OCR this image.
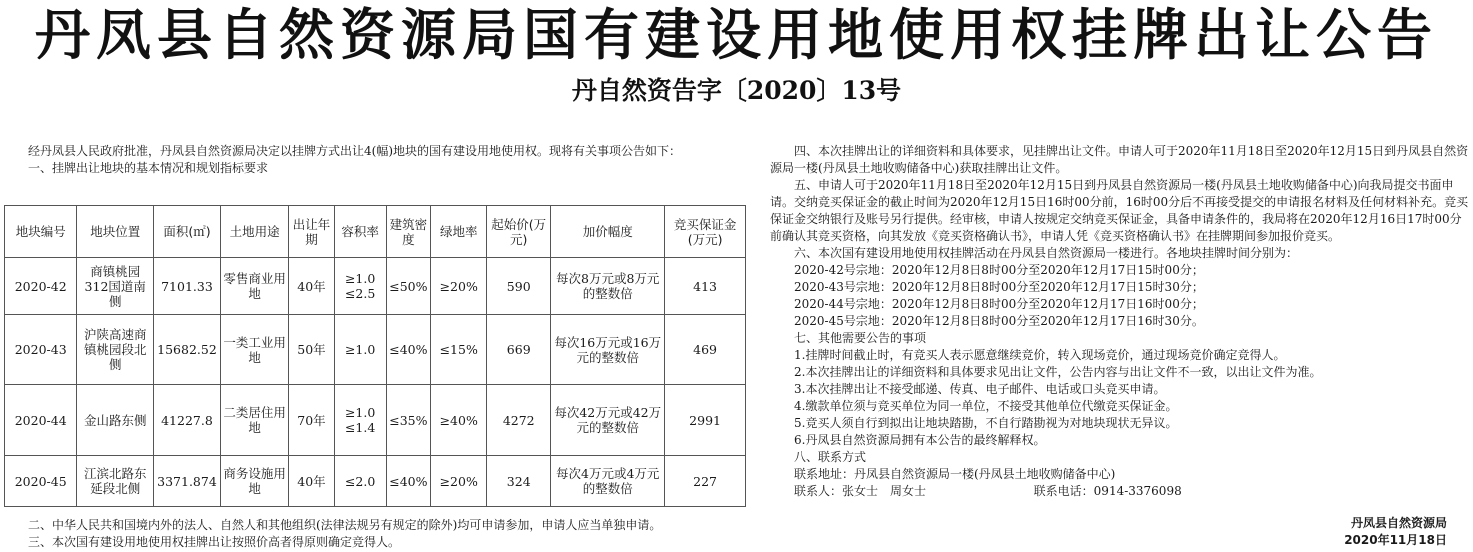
丹凤县自然资源局国有建设用地使用权挂牌出让公告
丹自然资告字〔2020〕13号
经丹凤县人民政府批准，丹凤县自然资源局决定以挂牌方式出让4(幅)地块的国有建设用地使用权。现将有关事项公告如下：
一、挂牌出让地块的基本情况和规划指标要求
地块编号	地块位置	面积(㎡)	土地用途	出让年期	容积率	建筑密度	绿地率	起始价(万元)	加价幅度	竞买保证金(万元)
2020-42	商镇桃园312国道南侧	7101.33	零售商业用地	40年	≥1.0 ≤2.5	≤50%	≥20%	590	每次8万元或8万元的整数倍	413
2020-43	沪陕高速商镇桃园段北侧	15682.52	一类工业用地	50年	≥1.0	≤40%	≤15%	669	每次16万元或16万元的整数倍	469
2020-44	金山路东侧	41227.8	二类居住用地	70年	≥1.0 ≤1.4	≤35%	≥40%	4272	每次42万元或42万元的整数倍	2991
2020-45	江滨北路东延段北侧	3371.874	商务设施用地	40年	≤2.0	≤40%	≥20%	324	每次4万元或4万元的整数倍	227
二、中华人民共和国境内外的法人、自然人和其他组织(法律法规另有规定的除外)均可申请参加，申请人应当单独申请。
三、本次国有建设用地使用权挂牌出让按照价高者得原则确定竞得人。
四、本次挂牌出让的详细资料和具体要求，见挂牌出让文件。申请人可于2020年11月18日至2020年12月15日到丹凤县自然资源局一楼(丹凤县土地收购储备中心)获取挂牌出让文件。
五、申请人可于2020年11月18日至2020年12月15日到丹凤县自然资源局一楼(丹凤县土地收购储备中心)向我局提交书面申请。交纳竞买保证金的截止时间为2020年12月15日16时00分前，16时00分后不再接受提交的申请报名材料及任何材料补充。竞买保证金交纳银行及账号另行提供。经审核，申请人按规定交纳竞买保证金，具备申请条件的，我局将在2020年12月16日17时00分前确认其竞买资格，向其发放《竞买资格确认书》，申请人凭《竞买资格确认书》在挂牌期间参加报价竞买。
六、本次国有建设用地使用权挂牌活动在丹凤县自然资源局一楼进行。各地块挂牌时间分别为：
2020-42号宗地：2020年12月8日8时00分至2020年12月17日15时00分；
2020-43号宗地：2020年12月8日8时00分至2020年12月17日15时30分；
2020-44号宗地：2020年12月8日8时00分至2020年12月17日16时00分；
2020-45号宗地：2020年12月8日8时00分至2020年12月17日16时30分。
七、其他需要公告的事项
1.挂牌时间截止时，有竞买人表示愿意继续竞价，转入现场竞价，通过现场竞价确定竞得人。
2.本次挂牌出让的详细资料和具体要求见出让文件，公告内容与出让文件不一致，以出让文件为准。
3.本次挂牌出让不接受邮递、传真、电子邮件、电话或口头竞买申请。
4.缴款单位须与竞买单位为同一单位，不接受其他单位代缴竞买保证金。
5.竞买人须自行到拟出让地块踏勘，不自行踏勘视为对地块现状无异议。
6.丹凤县自然资源局拥有本公告的最终解释权。
八、联系方式
联系地址：丹凤县自然资源局一楼(丹凤县土地收购储备中心)
联系人：张女士　周女士	联系电话：0914-3376098
丹凤县自然资源局
2020年11月18日
